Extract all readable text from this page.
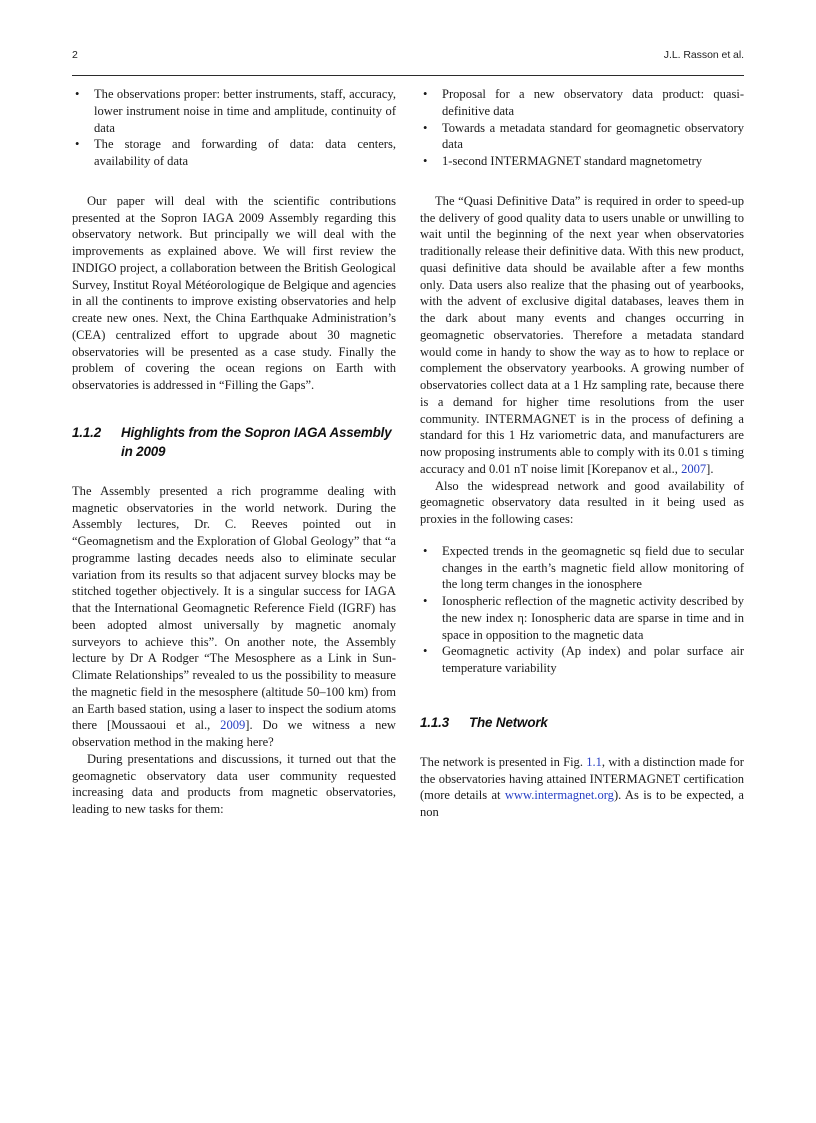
2	J.L. Rasson et al.
• The observations proper: better instruments, staff, accuracy, lower instrument noise in time and amplitude, continuity of data
• The storage and forwarding of data: data centers, availability of data

Our paper will deal with the scientific contributions presented at the Sopron IAGA 2009 Assembly regarding this observatory network. But principally we will deal with the improvements as explained above. We will first review the INDIGO project, a collaboration between the British Geological Survey, Institut Royal Météorologique de Belgique and agencies in all the continents to improve existing observatories and help create new ones. Next, the China Earthquake Administration’s (CEA) centralized effort to upgrade about 30 magnetic observatories will be presented as a case study. Finally the problem of covering the ocean regions on Earth with observatories is addressed in “Filling the Gaps”.

1.1.2	Highlights from the Sopron IAGA Assembly in 2009

The Assembly presented a rich programme dealing with magnetic observatories in the world network. During the Assembly lectures, Dr. C. Reeves pointed out in “Geomagnetism and the Exploration of Global Geology” that “a programme lasting decades needs also to eliminate secular variation from its results so that adjacent survey blocks may be stitched together objectively. It is a singular success for IAGA that the International Geomagnetic Reference Field (IGRF) has been adopted almost universally by magnetic anomaly surveyors to achieve this”. On another note, the Assembly lecture by Dr A Rodger “The Mesosphere as a Link in Sun-Climate Relationships” revealed to us the possibility to measure the magnetic field in the mesosphere (altitude 50–100 km) from an Earth based station, using a laser to inspect the sodium atoms there [Moussaoui et al., 2009]. Do we witness a new observation method in the making here?

During presentations and discussions, it turned out that the geomagnetic observatory data user community requested increasing data and products from magnetic observatories, leading to new tasks for them:

• Proposal for a new observatory data product: quasi-definitive data
• Towards a metadata standard for geomagnetic observatory data
• 1-second INTERMAGNET standard magnetometry

The “Quasi Definitive Data” is required in order to speed-up the delivery of good quality data to users unable or unwilling to wait until the beginning of the next year when observatories traditionally release their definitive data. With this new product, quasi definitive data should be available after a few months only. Data users also realize that the phasing out of yearbooks, with the advent of exclusive digital databases, leaves them in the dark about many events and changes occurring in geomagnetic observatories. Therefore a metadata standard would come in handy to show the way as to how to replace or complement the observatory yearbooks. A growing number of observatories collect data at a 1 Hz sampling rate, because there is a demand for higher time resolutions from the user community. INTERMAGNET is in the process of defining a standard for this 1 Hz variometric data, and manufacturers are now proposing instruments able to comply with its 0.01 s timing accuracy and 0.01 nT noise limit [Korepanov et al., 2007].

Also the widespread network and good availability of geomagnetic observatory data resulted in it being used as proxies in the following cases:

• Expected trends in the geomagnetic sq field due to secular changes in the earth’s magnetic field allow monitoring of the long term changes in the ionosphere
• Ionospheric reflection of the magnetic activity described by the new index η: Ionospheric data are sparse in time and in space in opposition to the magnetic data
• Geomagnetic activity (Ap index) and polar surface air temperature variability
1.1.3	The Network

The network is presented in Fig. 1.1, with a distinction made for the observatories having attained INTERMAGNET certification (more details at www.intermagnet.org). As is to be expected, a non
